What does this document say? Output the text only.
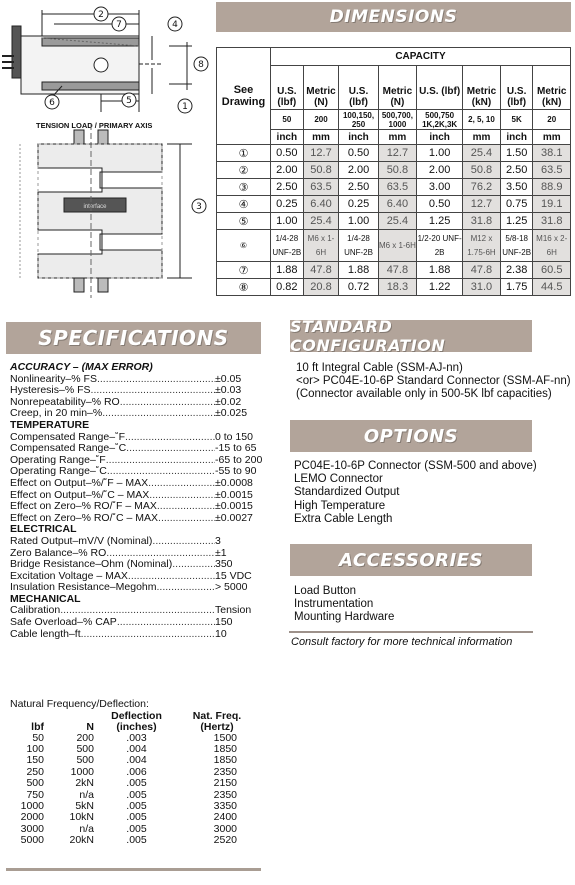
2
7	4
8
6	5
1
3
TENSION LOAD / PRIMARY AXIS
interface
DIMENSIONS
See Drawing	CAPACITY							
	U.S. (lbf)	Metric (N)	U.S. (lbf)	Metric (N)	U.S. (lbf)	Metric (kN)	U.S. (lbf)	Metric (kN)
	50	200	100,150, 250	500,700, 1000	500,750 1K,2K,3K	2, 5, 10	5K	20
	inch	mm	inch	mm	inch	mm	inch	mm
①	0.50	12.7	0.50	12.7	1.00	25.4	1.50	38.1
②	2.00	50.8	2.00	50.8	2.00	50.8	2.50	63.5
③	2.50	63.5	2.50	63.5	3.00	76.2	3.50	88.9
④	0.25	6.40	0.25	6.40	0.50	12.7	0.75	19.1
⑤	1.00	25.4	1.00	25.4	1.25	31.8	1.25	31.8
⑥	1/4-28 UNF-2B	M6 x 1-6H	1/4-28 UNF-2B	M6 x 1-6H	1/2-20 UNF-2B	M12 x 1.75-6H	5/8-18 UNF-2B	M16 x 2-6H
⑦	1.88	47.8	1.88	47.8	1.88	47.8	2.38	60.5
⑧	0.82	20.8	0.72	18.3	1.22	31.0	1.75	44.5
SPECIFICATIONS
ACCURACY – (MAX ERROR)
Nonlinearity–% FS .....	±0.05
Hysteresis–% FS .....	±0.03
Nonrepeatability–% RO .....	±0.02
Creep, in 20 min–% .....	±0.025
TEMPERATURE
Compensated Range–˚F .....	0 to 150
Compensated Range–˚C .....	-15 to 65
Operating Range–˚F .....	-65 to 200
Operating Range–˚C .....	-55 to 90
Effect on Output–%/˚F – MAX .....	±0.0008
Effect on Output–%/˚C – MAX .....	±0.0015
Effect on Zero–% RO/˚F – MAX .....	±0.0015
Effect on Zero–% RO/˚C – MAX .....	±0.0027
ELECTRICAL
Rated Output–mV/V (Nominal) .....	3
Zero Balance–% RO .....	±1
Bridge Resistance–Ohm (Nominal) .....	350
Excitation Voltage – MAX .....	15 VDC
Insulation Resistance–Megohm .....	> 5000
MECHANICAL
Calibration .....	Tension
Safe Overload–% CAP .....	150
Cable length–ft .....	10
Natural Frequency/Deflection:
lbf	N	Deflection (inches)	Nat. Freq. (Hertz)
50	200	.003	1500
100	500	.004	1850
150	500	.004	1850
250	1000	.006	2350
500	2kN	.005	2150
750	n/a	.005	2350
1000	5kN	.005	3350
2000	10kN	.005	2400
3000	n/a	.005	3000
5000	20kN	.005	2520
STANDARD CONFIGURATION
10 ft Integral Cable (SSM-AJ-nn)
<or> PC04E-10-6P Standard Connector (SSM-AF-nn)
(Connector available only in 500-5K lbf capacities)
OPTIONS
PC04E-10-6P Connector (SSM-500 and above)
LEMO Connector
Standardized Output
High Temperature
Extra Cable Length
ACCESSORIES
Load Button
Instrumentation
Mounting Hardware
Consult factory for more technical information
